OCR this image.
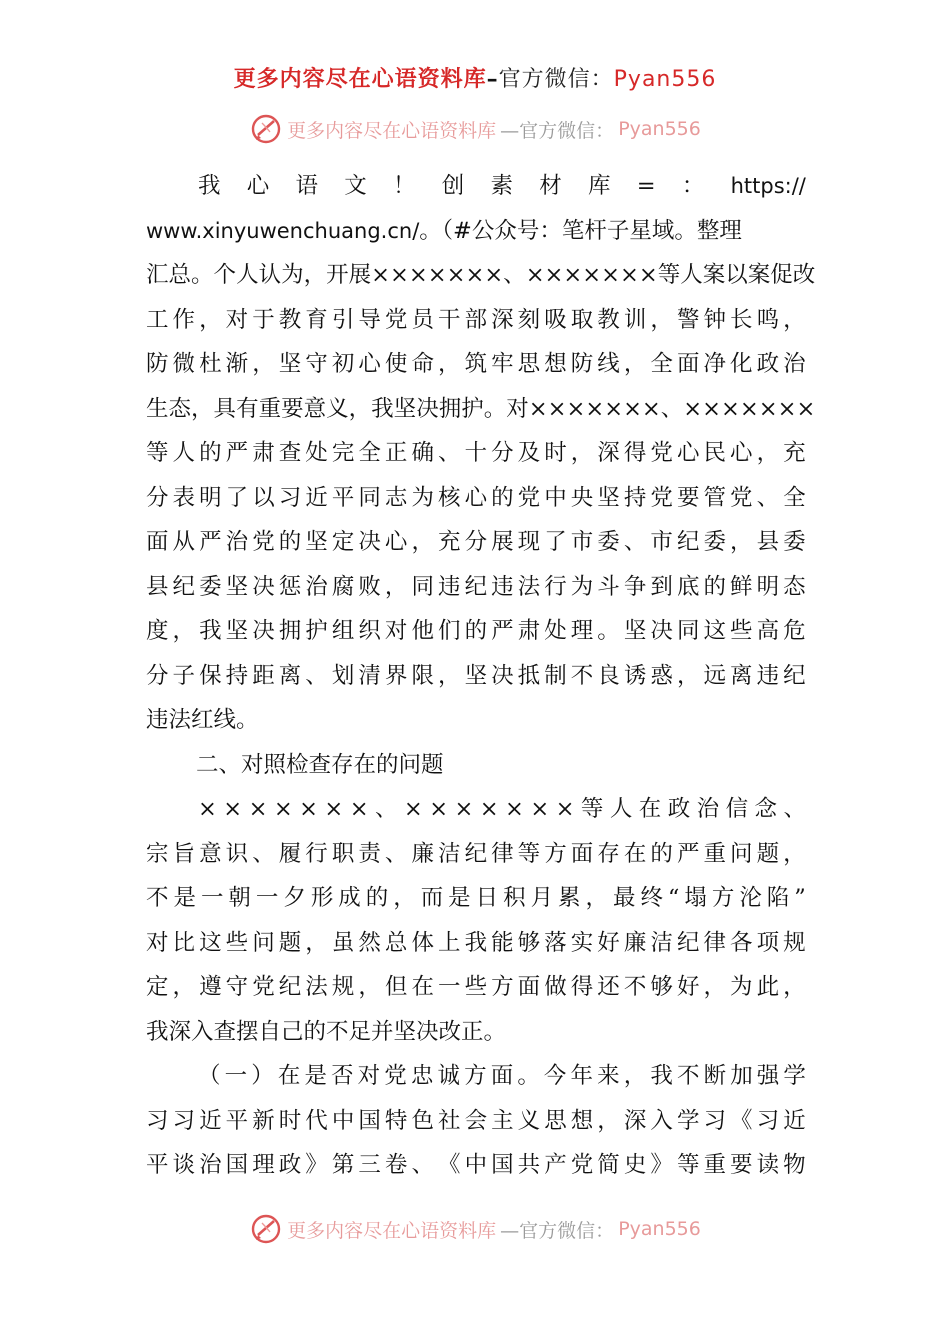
更多内容尽在心语资料库–官方微信：Pyan556
更多内容尽在心语资料库 —官方微信： Pyan556
我 心 语 文 ！ 创 素 材 库 = ： https://
www.xinyuwenchuang.cn/。（#公众号：笔杆子星域。整理
汇 总 。 个 人 认 为 ， 开 展 × × × × × × × 、 × × × × × × × 等 人 案 以 案 促 改
工 作 ， 对 于 教 育 引 导 党 员 干 部 深 刻 吸 取 教 训 ， 警 钟 长 鸣 ，
防 微 杜 渐 ， 坚 守 初 心 使 命 ， 筑 牢 思 想 防 线 ， 全 面 净 化 政 治
生 态 ， 具 有 重 要 意 义 ， 我 坚 决 拥 护 。 对 × × × × × × × 、 × × × × × × ×
等 人 的 严 肃 查 处 完 全 正 确 、 十 分 及 时 ， 深 得 党 心 民 心 ， 充
分 表 明 了 以 习 近 平 同 志 为 核 心 的 党 中 央 坚 持 党 要 管 党 、 全
面 从 严 治 党 的 坚 定 决 心 ， 充 分 展 现 了 市 委 、 市 纪 委 ， 县 委
县 纪 委 坚 决 惩 治 腐 败 ， 同 违 纪 违 法 行 为 斗 争 到 底 的 鲜 明 态
度 ， 我 坚 决 拥 护 组 织 对 他 们 的 严 肃 处 理 。 坚 决 同 这 些 高 危
分 子 保 持 距 离 、 划 清 界 限 ， 坚 决 抵 制 不 良 诱 惑 ， 远 离 违 纪
违法红线。
二、对照检查存在的问题
× × × × × × × 、 × × × × × × × 等 人 在 政 治 信 念 、
宗 旨 意 识 、 履 行 职 责 、 廉 洁 纪 律 等 方 面 存 在 的 严 重 问 题 ，
不 是 一 朝 一 夕 形 成 的 ， 而 是 日 积 月 累 ， 最 终 “ 塌 方 沦 陷 ”
对 比 这 些 问 题 ， 虽 然 总 体 上 我 能 够 落 实 好 廉 洁 纪 律 各 项 规
定 ， 遵 守 党 纪 法 规 ， 但 在 一 些 方 面 做 得 还 不 够 好 ， 为 此 ，
我深入查摆自己的不足并坚决改正。
（ 一 ） 在 是 否 对 党 忠 诚 方 面 。 今 年 来 ， 我 不 断 加 强 学
习 习 近 平 新 时 代 中 国 特 色 社 会 主 义 思 想 ， 深 入 学 习 《 习 近
平 谈 治 国 理 政 》 第 三 卷 、 《 中 国 共 产 党 简 史 》 等 重 要 读 物
更多内容尽在心语资料库 —官方微信： Pyan556
